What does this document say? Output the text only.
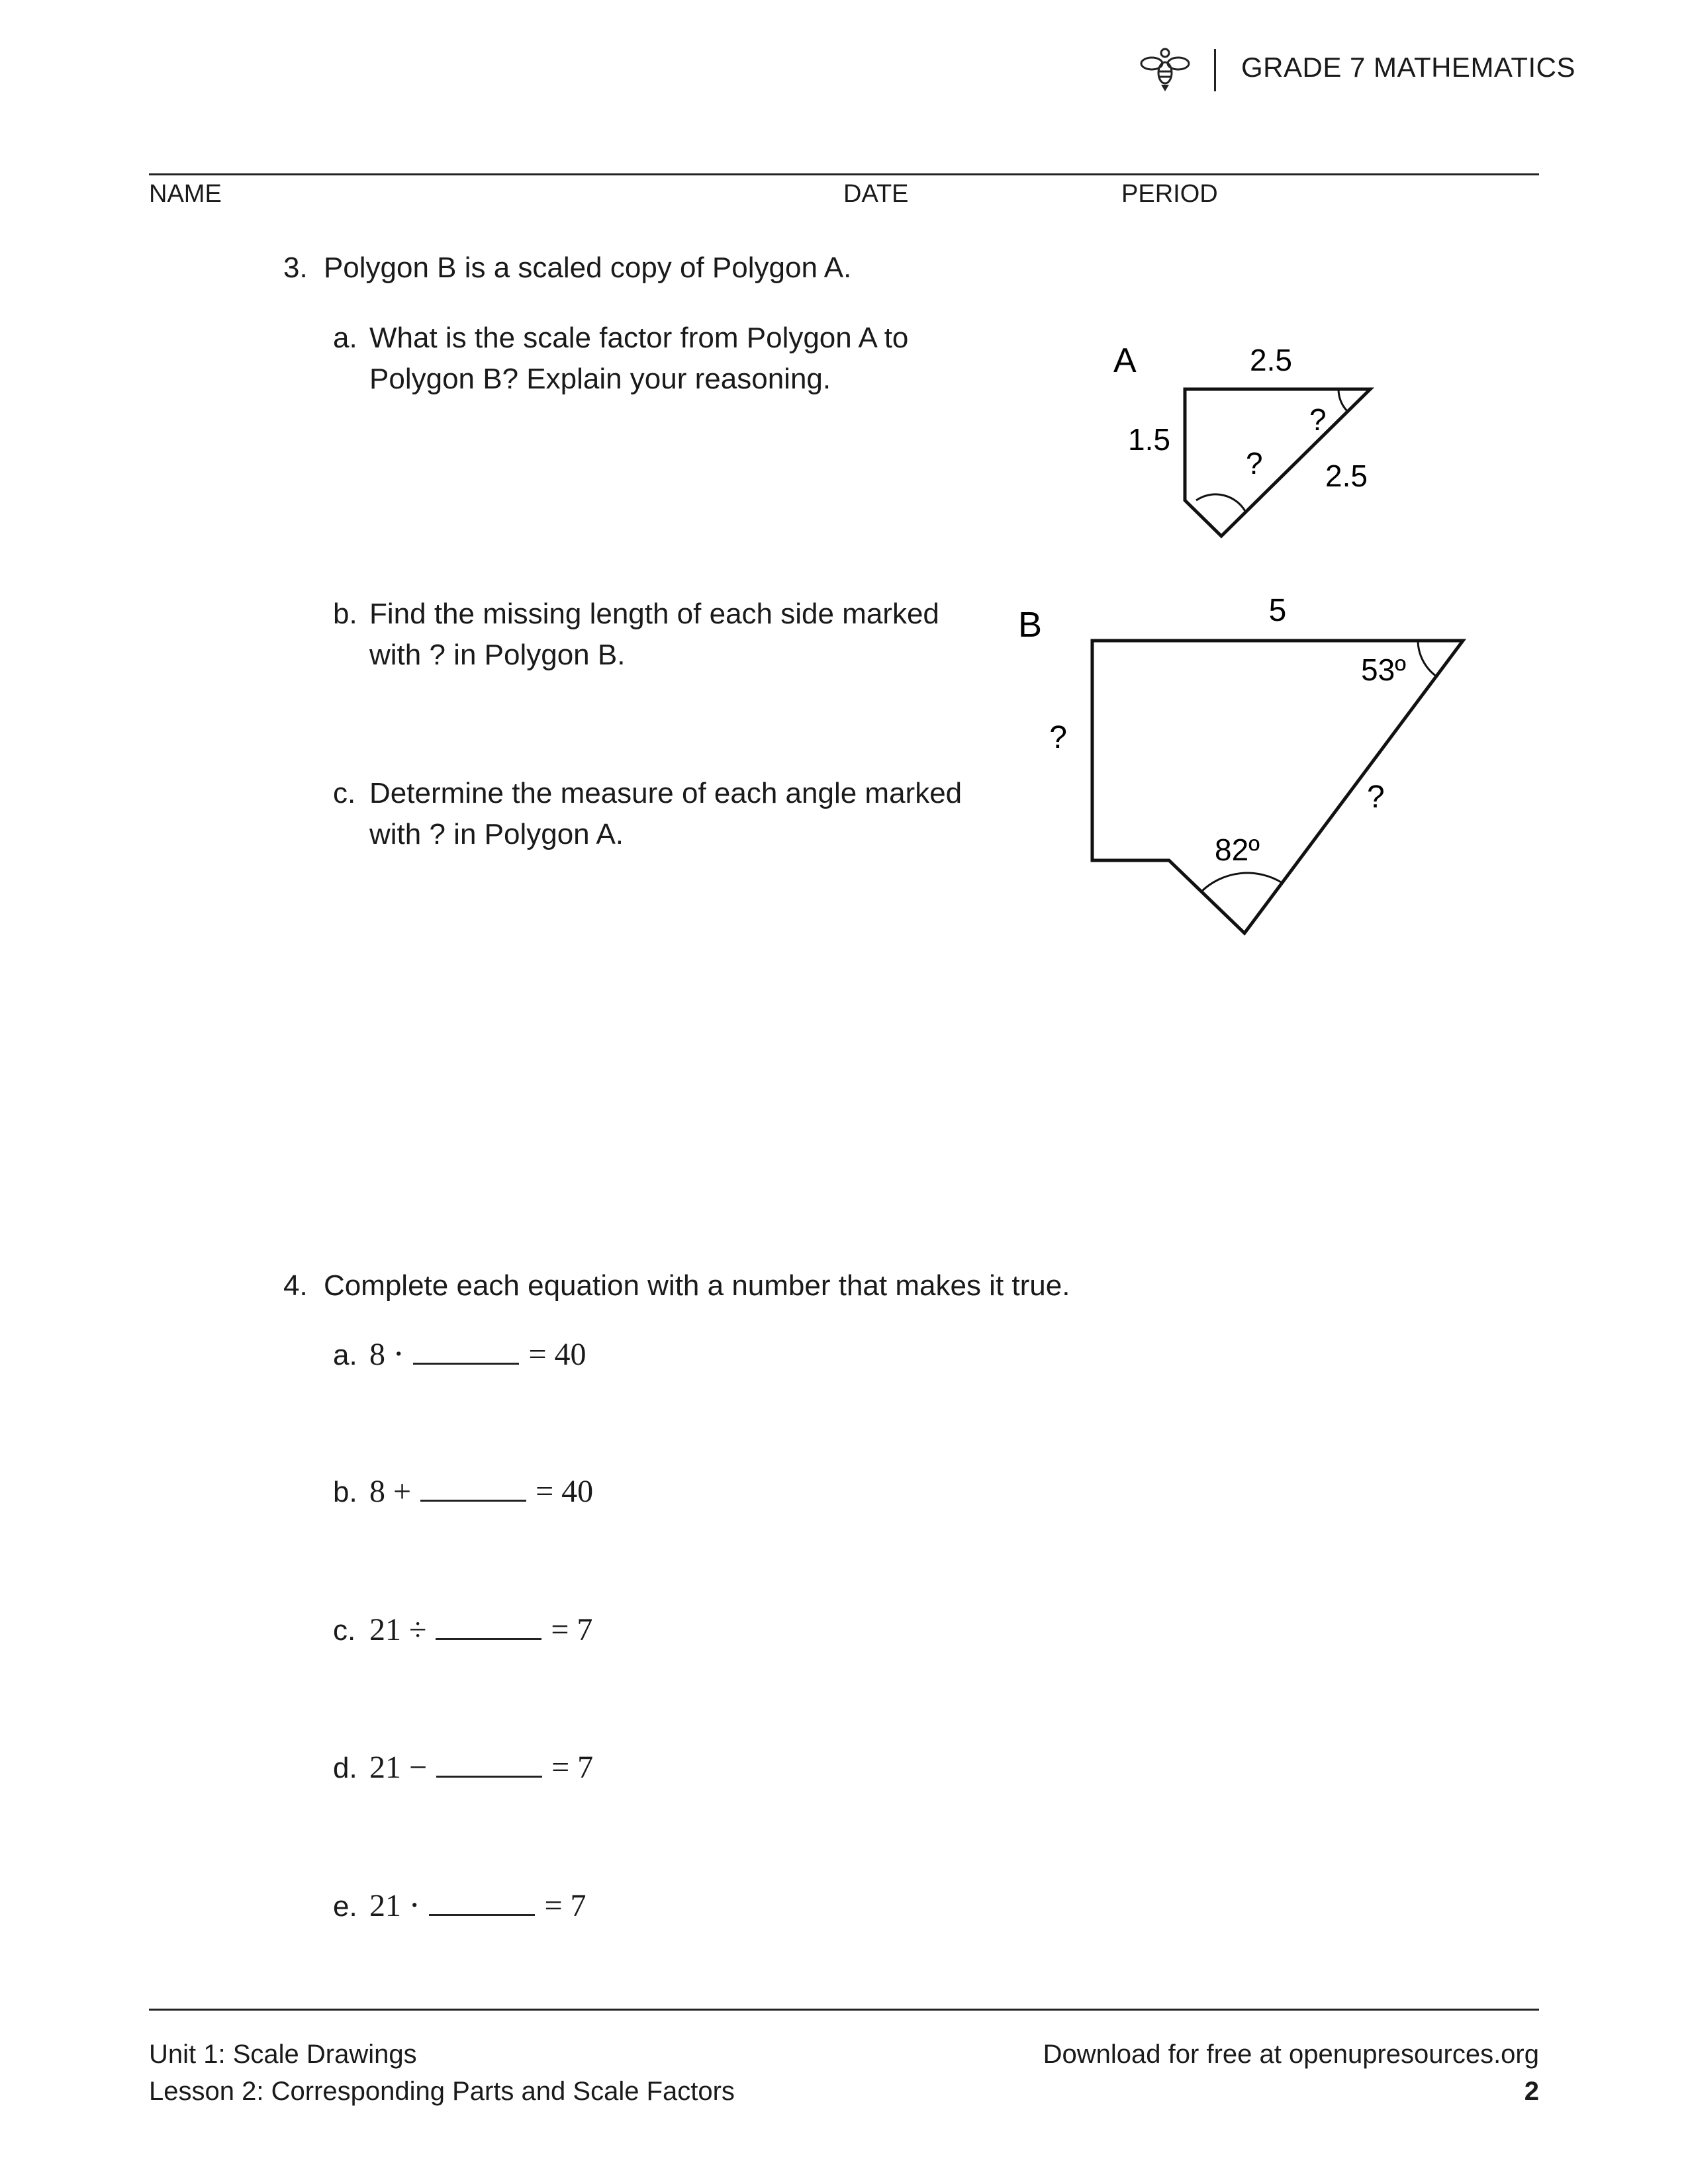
GRADE 7 MATHEMATICS
NAME	DATE	PERIOD
3. Polygon B is a scaled copy of Polygon A.
a. What is the scale factor from Polygon A to
Polygon B? Explain your reasoning.
b. Find the missing length of each side marked
with ? in Polygon B.
c. Determine the measure of each angle marked
with ? in Polygon A.
A	2.5
1.5
2.5
?
?
B	5
?
?
53º
82º
4. Complete each equation with a number that makes it true.
a. 8 ⋅	= 40
b. 8 +	= 40
c. 21 ÷	= 7
d. 21 −	= 7
e. 21 ⋅	= 7
Unit 1: Scale Drawings
Lesson 2: Corresponding Parts and Scale Factors
Download for free at openupresources.org
2
